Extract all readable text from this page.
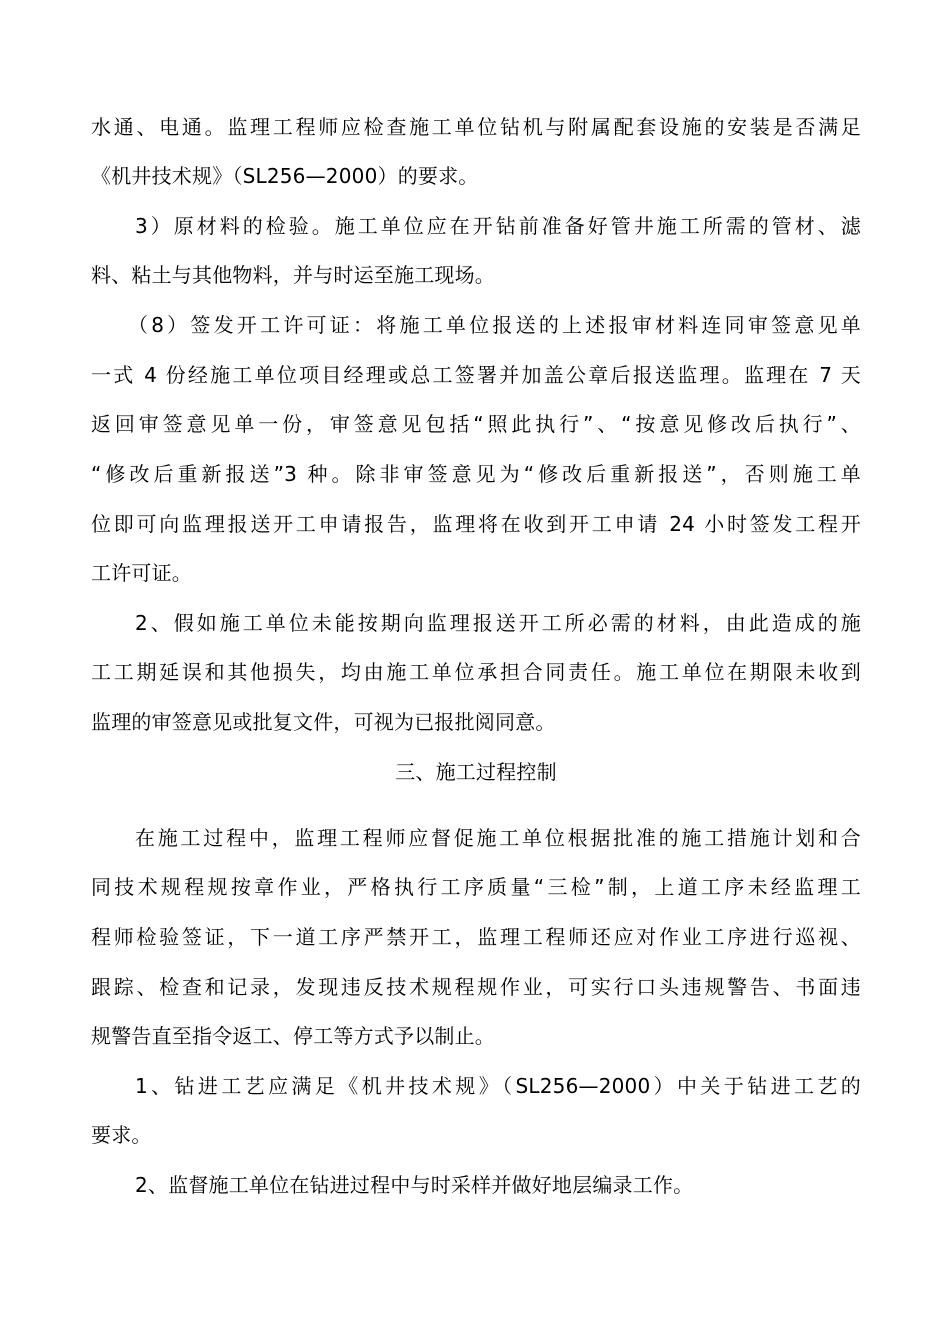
水通、电通。监理工程师应检查施工单位钻机与附属配套设施的安装是否满足
《机井技术规》（SL256—2000）的要求。
3）原材料的检验。施工单位应在开钻前准备好管井施工所需的管材、滤
料、粘土与其他物料，并与时运至施工现场。
（8）签发开工许可证：将施工单位报送的上述报审材料连同审签意见单
一式 4 份经施工单位项目经理或总工签署并加盖公章后报送监理。监理在 7 天
返回审签意见单一份，审签意见包括“照此执行”、“按意见修改后执行”、
“修改后重新报送”3 种。除非审签意见为“修改后重新报送”，否则施工单
位即可向监理报送开工申请报告，监理将在收到开工申请 24 小时签发工程开
工许可证。
2、假如施工单位未能按期向监理报送开工所必需的材料，由此造成的施
工工期延误和其他损失，均由施工单位承担合同责任。施工单位在期限未收到
监理的审签意见或批复文件，可视为已报批阅同意。
三、施工过程控制
在施工过程中，监理工程师应督促施工单位根据批准的施工措施计划和合
同技术规程规按章作业，严格执行工序质量“三检”制，上道工序未经监理工
程师检验签证，下一道工序严禁开工，监理工程师还应对作业工序进行巡视、
跟踪、检查和记录，发现违反技术规程规作业，可实行口头违规警告、书面违
规警告直至指令返工、停工等方式予以制止。
1、钻进工艺应满足《机井技术规》（SL256—2000）中关于钻进工艺的
要求。
2、监督施工单位在钻进过程中与时采样并做好地层编录工作。
